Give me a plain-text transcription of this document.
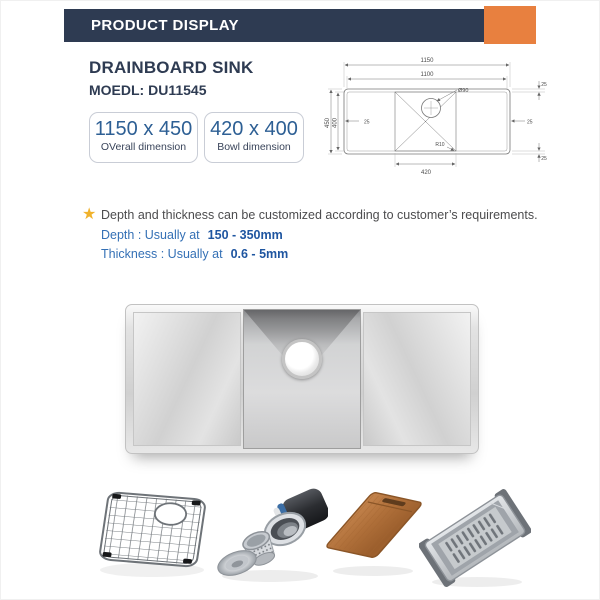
PRODUCT DISPLAY
DRAINBOARD SINK
MOEDL: DU11545
1150 x 450
OVerall dimension
420 x 400
Bowl dimension
Ø90
1150
1100
450 400
420
R10
25
25
25	25
★ Depth and thickness can be customized according to customer’s requirements.
Depth : Usually at 150 - 350mm
Thickness : Usually at 0.6 - 5mm
